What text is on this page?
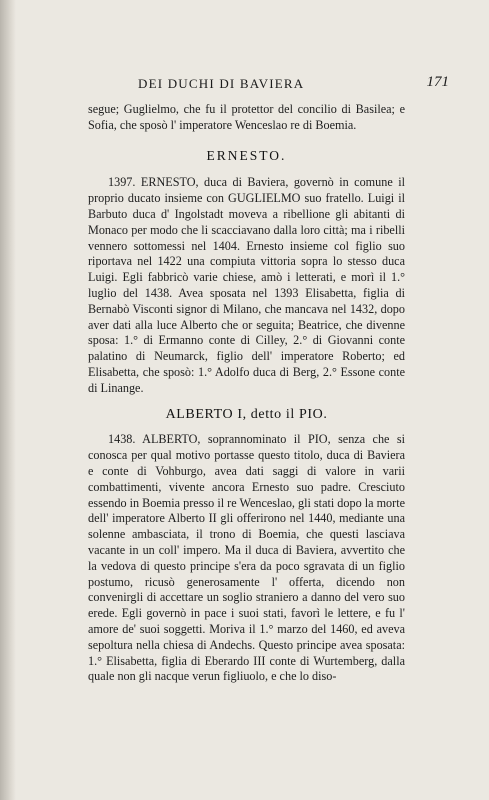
DEI DUCHI DI BAVIERA	171

segue; Guglielmo, che fu il protettor del concilio di Basilea; e Sofia, che sposò l' imperatore Wenceslao re di Boemia.

ERNESTO.

1397. ERNESTO, duca di Baviera, governò in comune il proprio ducato insieme con GUGLIELMO suo fratello. Luigi il Barbuto duca d' Ingolstadt moveva a ribellione gli abitanti di Monaco per modo che li scacciavano dalla loro città; ma i ribelli vennero sottomessi nel 1404. Ernesto insieme col figlio suo riportava nel 1422 una compiuta vittoria sopra lo stesso duca Luigi. Egli fabbricò varie chiese, amò i letterati, e morì il 1.° luglio del 1438. Avea sposata nel 1393 Elisabetta, figlia di Bernabò Visconti signor di Milano, che mancava nel 1432, dopo aver dati alla luce Alberto che or seguita; Beatrice, che divenne sposa: 1.° di Ermanno conte di Cilley, 2.° di Giovanni conte palatino di Neumarck, figlio dell' imperatore Roberto; ed Elisabetta, che sposò: 1.° Adolfo duca di Berg, 2.° Essone conte di Linange.

ALBERTO I, detto il PIO.

1438. ALBERTO, soprannominato il PIO, senza che si conosca per qual motivo portasse questo titolo, duca di Baviera e conte di Vohburgo, avea dati saggi di valore in varii combattimenti, vivente ancora Ernesto suo padre. Cresciuto essendo in Boemia presso il re Wenceslao, gli stati dopo la morte dell' imperatore Alberto II gli offerirono nel 1440, mediante una solenne ambasciata, il trono di Boemia, che questi lasciava vacante in un coll' impero. Ma il duca di Baviera, avvertito che la vedova di questo principe s'era da poco sgravata di un figlio postumo, ricusò generosamente l' offerta, dicendo non convenirgli di accettare un soglio straniero a danno del vero suo erede. Egli governò in pace i suoi stati, favorì le lettere, e fu l' amore de' suoi soggetti. Moriva il 1.° marzo del 1460, ed aveva sepoltura nella chiesa di Andechs. Questo principe avea sposata: 1.° Elisabetta, figlia di Eberardo III conte di Wurtemberg, dalla quale non gli nacque verun figliuolo, e che lo diso-
